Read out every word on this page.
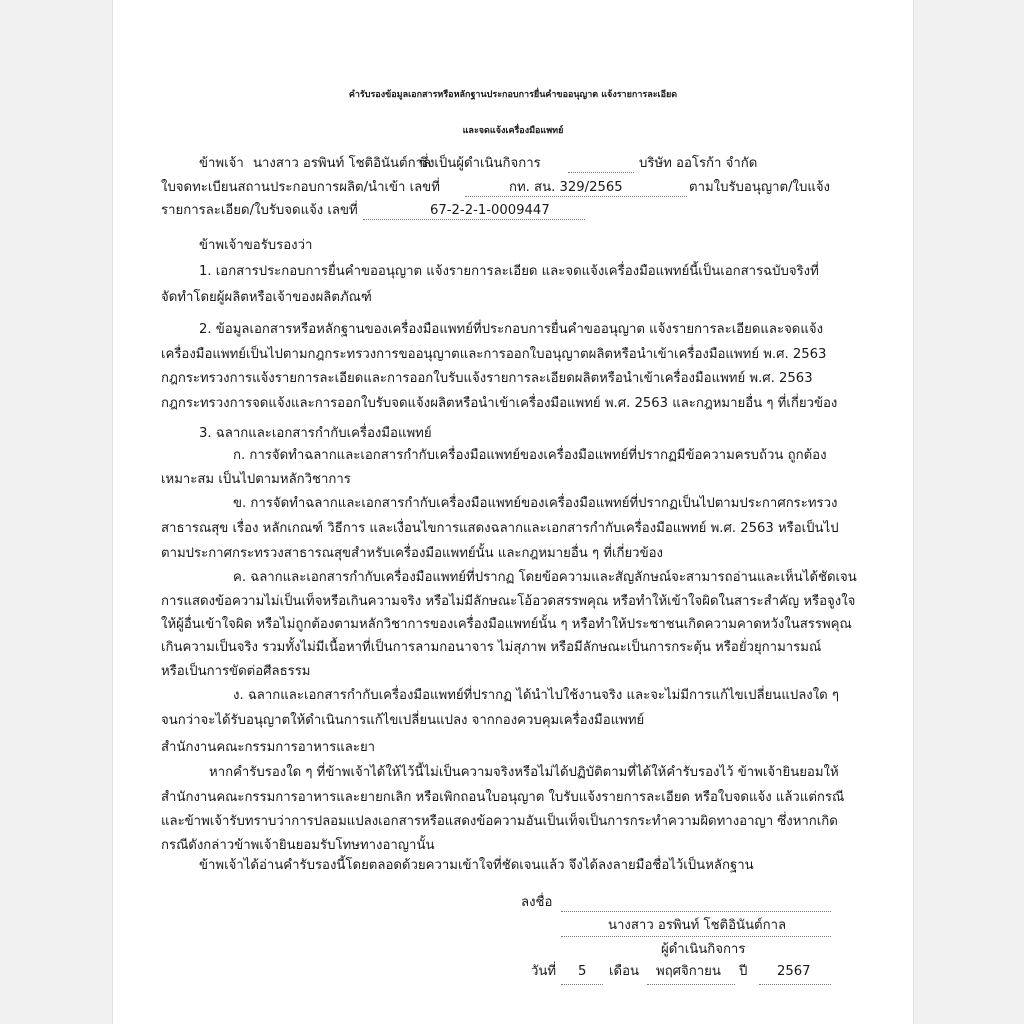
คำรับรองข้อมูลเอกสารหรือหลักฐานประกอบการยื่นคำขออนุญาต แจ้งรายการละเอียด
และจดแจ้งเครื่องมือแพทย์
ข้าพเจ้า นางสาว อรพินท์ โชติอินันต์กาล
ซึ่งเป็นผู้ดำเนินกิจการ	บริษัท ออโรก้า จำกัด
ใบจดทะเบียนสถานประกอบการผลิต/นำเข้า เลขที่	กท. สน. 329/2565	ตามใบรับอนุญาต/ใบแจ้ง
รายการละเอียด/ใบรับจดแจ้ง เลขที่	67-2-2-1-0009447
ข้าพเจ้าขอรับรองว่า
1. เอกสารประกอบการยื่นคำขออนุญาต แจ้งรายการละเอียด และจดแจ้งเครื่องมือแพทย์นี้เป็นเอกสารฉบับจริงที่
จัดทำโดยผู้ผลิตหรือเจ้าของผลิตภัณฑ์
2. ข้อมูลเอกสารหรือหลักฐานของเครื่องมือแพทย์ที่ประกอบการยื่นคำขออนุญาต แจ้งรายการละเอียดและจดแจ้ง
เครื่องมือแพทย์เป็นไปตามกฎกระทรวงการขออนุญาตและการออกใบอนุญาตผลิตหรือนำเข้าเครื่องมือแพทย์ พ.ศ. 2563
กฎกระทรวงการแจ้งรายการละเอียดและการออกใบรับแจ้งรายการละเอียดผลิตหรือนำเข้าเครื่องมือแพทย์ พ.ศ. 2563
กฎกระทรวงการจดแจ้งและการออกใบรับจดแจ้งผลิตหรือนำเข้าเครื่องมือแพทย์ พ.ศ. 2563 และกฎหมายอื่น ๆ ที่เกี่ยวข้อง
3. ฉลากและเอกสารกำกับเครื่องมือแพทย์
ก. การจัดทำฉลากและเอกสารกำกับเครื่องมือแพทย์ของเครื่องมือแพทย์ที่ปรากฏมีข้อความครบถ้วน ถูกต้อง
เหมาะสม เป็นไปตามหลักวิชาการ
ข. การจัดทำฉลากและเอกสารกำกับเครื่องมือแพทย์ของเครื่องมือแพทย์ที่ปรากฏเป็นไปตามประกาศกระทรวง
สาธารณสุข เรื่อง หลักเกณฑ์ วิธีการ และเงื่อนไขการแสดงฉลากและเอกสารกำกับเครื่องมือแพทย์ พ.ศ. 2563 หรือเป็นไป
ตามประกาศกระทรวงสาธารณสุขสำหรับเครื่องมือแพทย์นั้น และกฎหมายอื่น ๆ ที่เกี่ยวข้อง
ค. ฉลากและเอกสารกำกับเครื่องมือแพทย์ที่ปรากฏ โดยข้อความและสัญลักษณ์จะสามารถอ่านและเห็นได้ชัดเจน
การแสดงข้อความไม่เป็นเท็จหรือเกินความจริง หรือไม่มีลักษณะโอ้อวดสรรพคุณ หรือทำให้เข้าใจผิดในสาระสำคัญ หรือจูงใจ
ให้ผู้อื่นเข้าใจผิด หรือไม่ถูกต้องตามหลักวิชาการของเครื่องมือแพทย์นั้น ๆ หรือทำให้ประชาชนเกิดความคาดหวังในสรรพคุณ
เกินความเป็นจริง รวมทั้งไม่มีเนื้อหาที่เป็นการลามกอนาจาร ไม่สุภาพ หรือมีลักษณะเป็นการกระตุ้น หรือยั่วยุกามารมณ์
หรือเป็นการขัดต่อศีลธรรม
ง. ฉลากและเอกสารกำกับเครื่องมือแพทย์ที่ปรากฏ ได้นำไปใช้งานจริง และจะไม่มีการแก้ไขเปลี่ยนแปลงใด ๆ
จนกว่าจะได้รับอนุญาตให้ดำเนินการแก้ไขเปลี่ยนแปลง จากกองควบคุมเครื่องมือแพทย์
สำนักงานคณะกรรมการอาหารและยา
หากคำรับรองใด ๆ ที่ข้าพเจ้าได้ให้ไว้นี้ไม่เป็นความจริงหรือไม่ได้ปฏิบัติตามที่ได้ให้คำรับรองไว้ ข้าพเจ้ายินยอมให้
สำนักงานคณะกรรมการอาหารและยายกเลิก หรือเพิกถอนใบอนุญาต ใบรับแจ้งรายการละเอียด หรือใบจดแจ้ง แล้วแต่กรณี
และข้าพเจ้ารับทราบว่าการปลอมแปลงเอกสารหรือแสดงข้อความอันเป็นเท็จเป็นการกระทำความผิดทางอาญา ซึ่งหากเกิด
กรณีดังกล่าวข้าพเจ้ายินยอมรับโทษทางอาญานั้น
ข้าพเจ้าได้อ่านคำรับรองนี้โดยตลอดด้วยความเข้าใจที่ชัดเจนแล้ว จึงได้ลงลายมือชื่อไว้เป็นหลักฐาน
ลงชื่อ
นางสาว อรพินท์ โชติอินันต์กาล
ผู้ดำเนินกิจการ
วันที่ 5 เดือน พฤศจิกายน ปี 2567
